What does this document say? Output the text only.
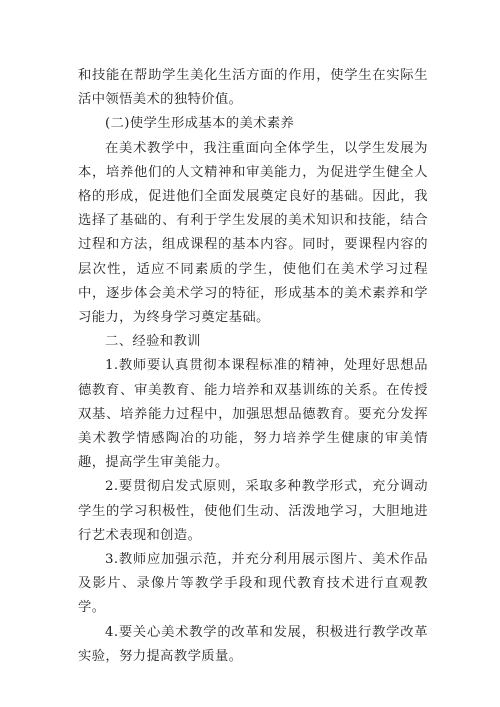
和技能在帮助学生美化生活方面的作用，使学生在实际生活中领悟美术的独特价值。

(二)使学生形成基本的美术素养

在美术教学中，我注重面向全体学生，以学生发展为本，培养他们的人文精神和审美能力，为促进学生健全人格的形成，促进他们全面发展奠定良好的基础。因此，我选择了基础的、有利于学生发展的美术知识和技能，结合过程和方法，组成课程的基本内容。同时，要课程内容的层次性，适应不同素质的学生，使他们在美术学习过程中，逐步体会美术学习的特征，形成基本的美术素养和学习能力，为终身学习奠定基础。

二、经验和教训

1.教师要认真贯彻本课程标准的精神，处理好思想品德教育、审美教育、能力培养和双基训练的关系。在传授双基、培养能力过程中，加强思想品德教育。要充分发挥美术教学情感陶冶的功能，努力培养学生健康的审美情趣，提高学生审美能力。

2.要贯彻启发式原则，采取多种教学形式，充分调动学生的学习积极性，使他们生动、活泼地学习，大胆地进行艺术表现和创造。

3.教师应加强示范，并充分利用展示图片、美术作品及影片、录像片等教学手段和现代教育技术进行直观教学。

4.要关心美术教学的改革和发展，积极进行教学改革实验，努力提高教学质量。
